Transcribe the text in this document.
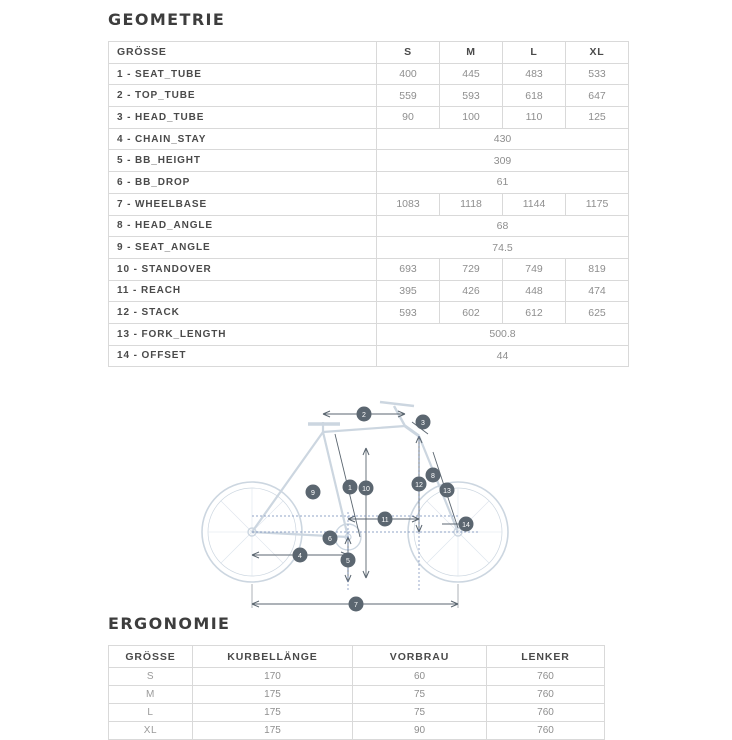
GEOMETRIE
GRÖSSE	S	M	L	XL
1 - SEAT_TUBE	400	445	483	533
2 - TOP_TUBE	559	593	618	647
3 - HEAD_TUBE	90	100	110	125
4 - CHAIN_STAY	430			
5 - BB_HEIGHT	309			
6 - BB_DROP	61			
7 - WHEELBASE	1083	1118	1144	1175
8 - HEAD_ANGLE	68			
9 - SEAT_ANGLE	74.5			
10 - STANDOVER	693	729	749	819
11 - REACH	395	426	448	474
12 - STACK	593	602	612	625
13 - FORK_LENGTH	500.8			
14 - OFFSET	44			
1
2
3
4
5
6
7
8
9
10
11
12
13
14
ERGONOMIE
GRÖSSE	KURBELLÄNGE	VORBRAU	LENKER
S	170	60	760
M	175	75	760
L	175	75	760
XL	175	90	760
